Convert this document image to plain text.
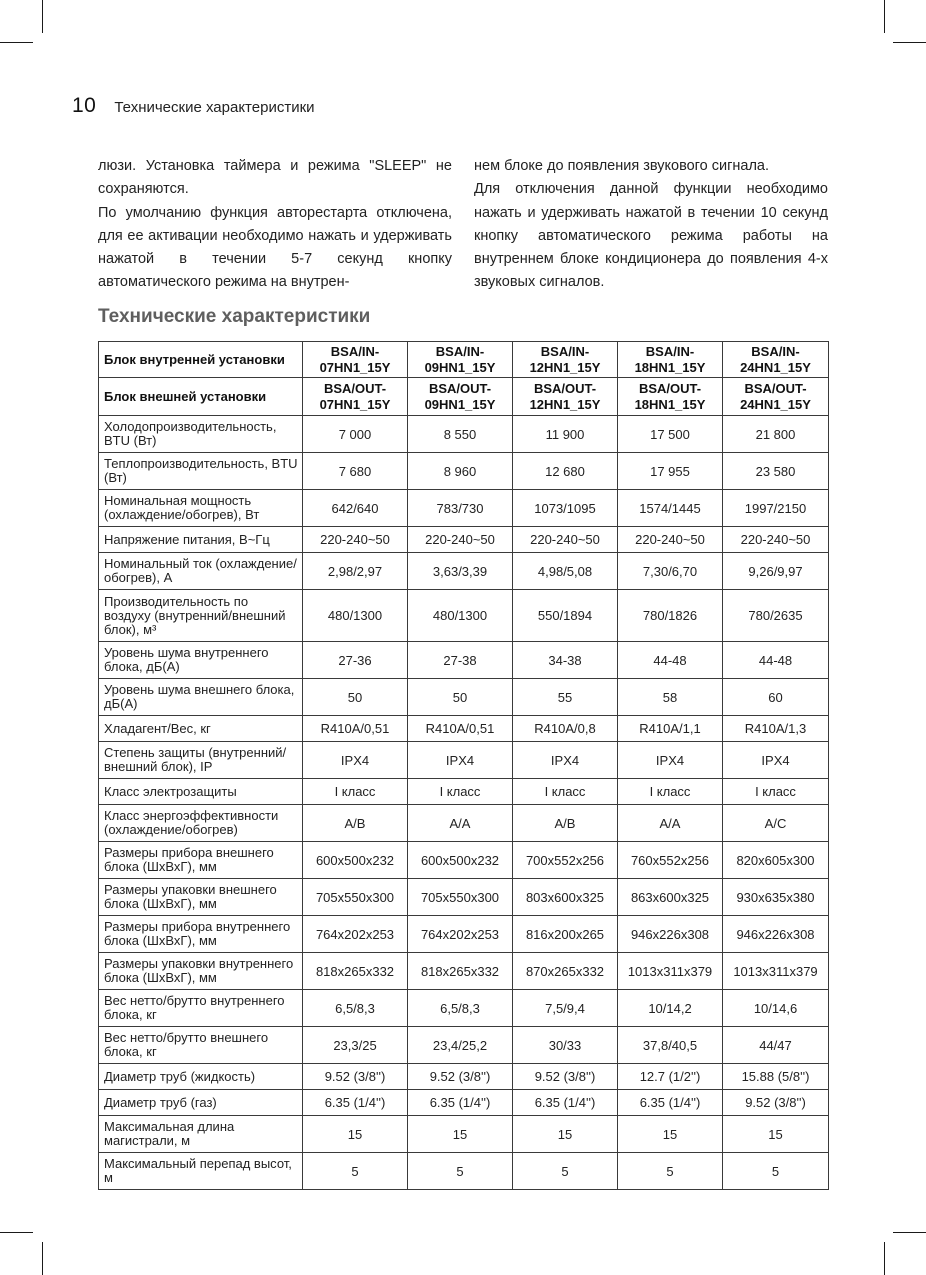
10 Технические характеристики

люзи. Установка таймера и режима "SLEEP" не сохраняются.

По умолчанию функция авторестарта отключена, для ее активации необходимо нажать и удерживать нажатой в течении 5-7 секунд кнопку автоматического режима на внутрен-

нем блоке до появления звукового сигнала.

Для отключения данной функции необходимо нажать и удерживать нажатой в течении 10 секунд кнопку автоматического режима работы на внутреннем блоке кондиционера до появления 4-х звуковых сигналов.

Технические характеристики
Блок внутренней установки	BSA/IN-07HN1_15Y	BSA/IN-09HN1_15Y	BSA/IN-12HN1_15Y	BSA/IN-18HN1_15Y	BSA/IN-24HN1_15Y
Блок внешней установки	BSA/OUT-07HN1_15Y	BSA/OUT-09HN1_15Y	BSA/OUT-12HN1_15Y	BSA/OUT-18HN1_15Y	BSA/OUT-24HN1_15Y
Холодопроизводительность, BTU (Вт)	7 000	8 550	11 900	17 500	21 800
Теплопроизводительность, BTU (Вт)	7 680	8 960	12 680	17 955	23 580
Номинальная мощность (охлаждение/обогрев), Вт	642/640	783/730	1073/1095	1574/1445	1997/2150
Напряжение питания, В~Гц	220-240~50	220-240~50	220-240~50	220-240~50	220-240~50
Номинальный ток (охлаждение/обогрев), А	2,98/2,97	3,63/3,39	4,98/5,08	7,30/6,70	9,26/9,97
Производительность по воздуху (внутренний/внешний блок), м³	480/1300	480/1300	550/1894	780/1826	780/2635
Уровень шума внутреннего блока, дБ(А)	27-36	27-38	34-38	44-48	44-48
Уровень шума внешнего блока, дБ(А)	50	50	55	58	60
Хладагент/Вес, кг	R410A/0,51	R410A/0,51	R410A/0,8	R410A/1,1	R410A/1,3
Степень защиты (внутренний/внешний блок), IP	IPX4	IPX4	IPX4	IPX4	IPX4
Класс электрозащиты	I класс	I класс	I класс	I класс	I класс
Класс энергоэффективности (охлаждение/обогрев)	A/B	A/A	A/B	A/A	A/C
Размеры прибора внешнего блока (ШхВхГ), мм	600x500x232	600x500x232	700x552x256	760x552x256	820x605x300
Размеры упаковки внешнего блока (ШхВхГ), мм	705x550x300	705x550x300	803x600x325	863x600x325	930x635x380
Размеры прибора внутреннего блока (ШхВхГ), мм	764x202x253	764x202x253	816x200x265	946x226x308	946x226x308
Размеры упаковки внутреннего блока (ШхВхГ), мм	818x265x332	818x265x332	870x265x332	1013x311x379	1013x311x379
Вес нетто/брутто внутреннего блока, кг	6,5/8,3	6,5/8,3	7,5/9,4	10/14,2	10/14,6
Вес нетто/брутто внешнего блока, кг	23,3/25	23,4/25,2	30/33	37,8/40,5	44/47
Диаметр труб (жидкость)	9.52 (3/8'')	9.52 (3/8'')	9.52 (3/8'')	12.7 (1/2'')	15.88 (5/8'')
Диаметр труб (газ)	6.35 (1/4'')	6.35 (1/4'')	6.35 (1/4'')	6.35 (1/4'')	9.52 (3/8'')
Максимальная длина магистрали, м	15	15	15	15	15
Максимальный перепад высот, м	5	5	5	5	5
